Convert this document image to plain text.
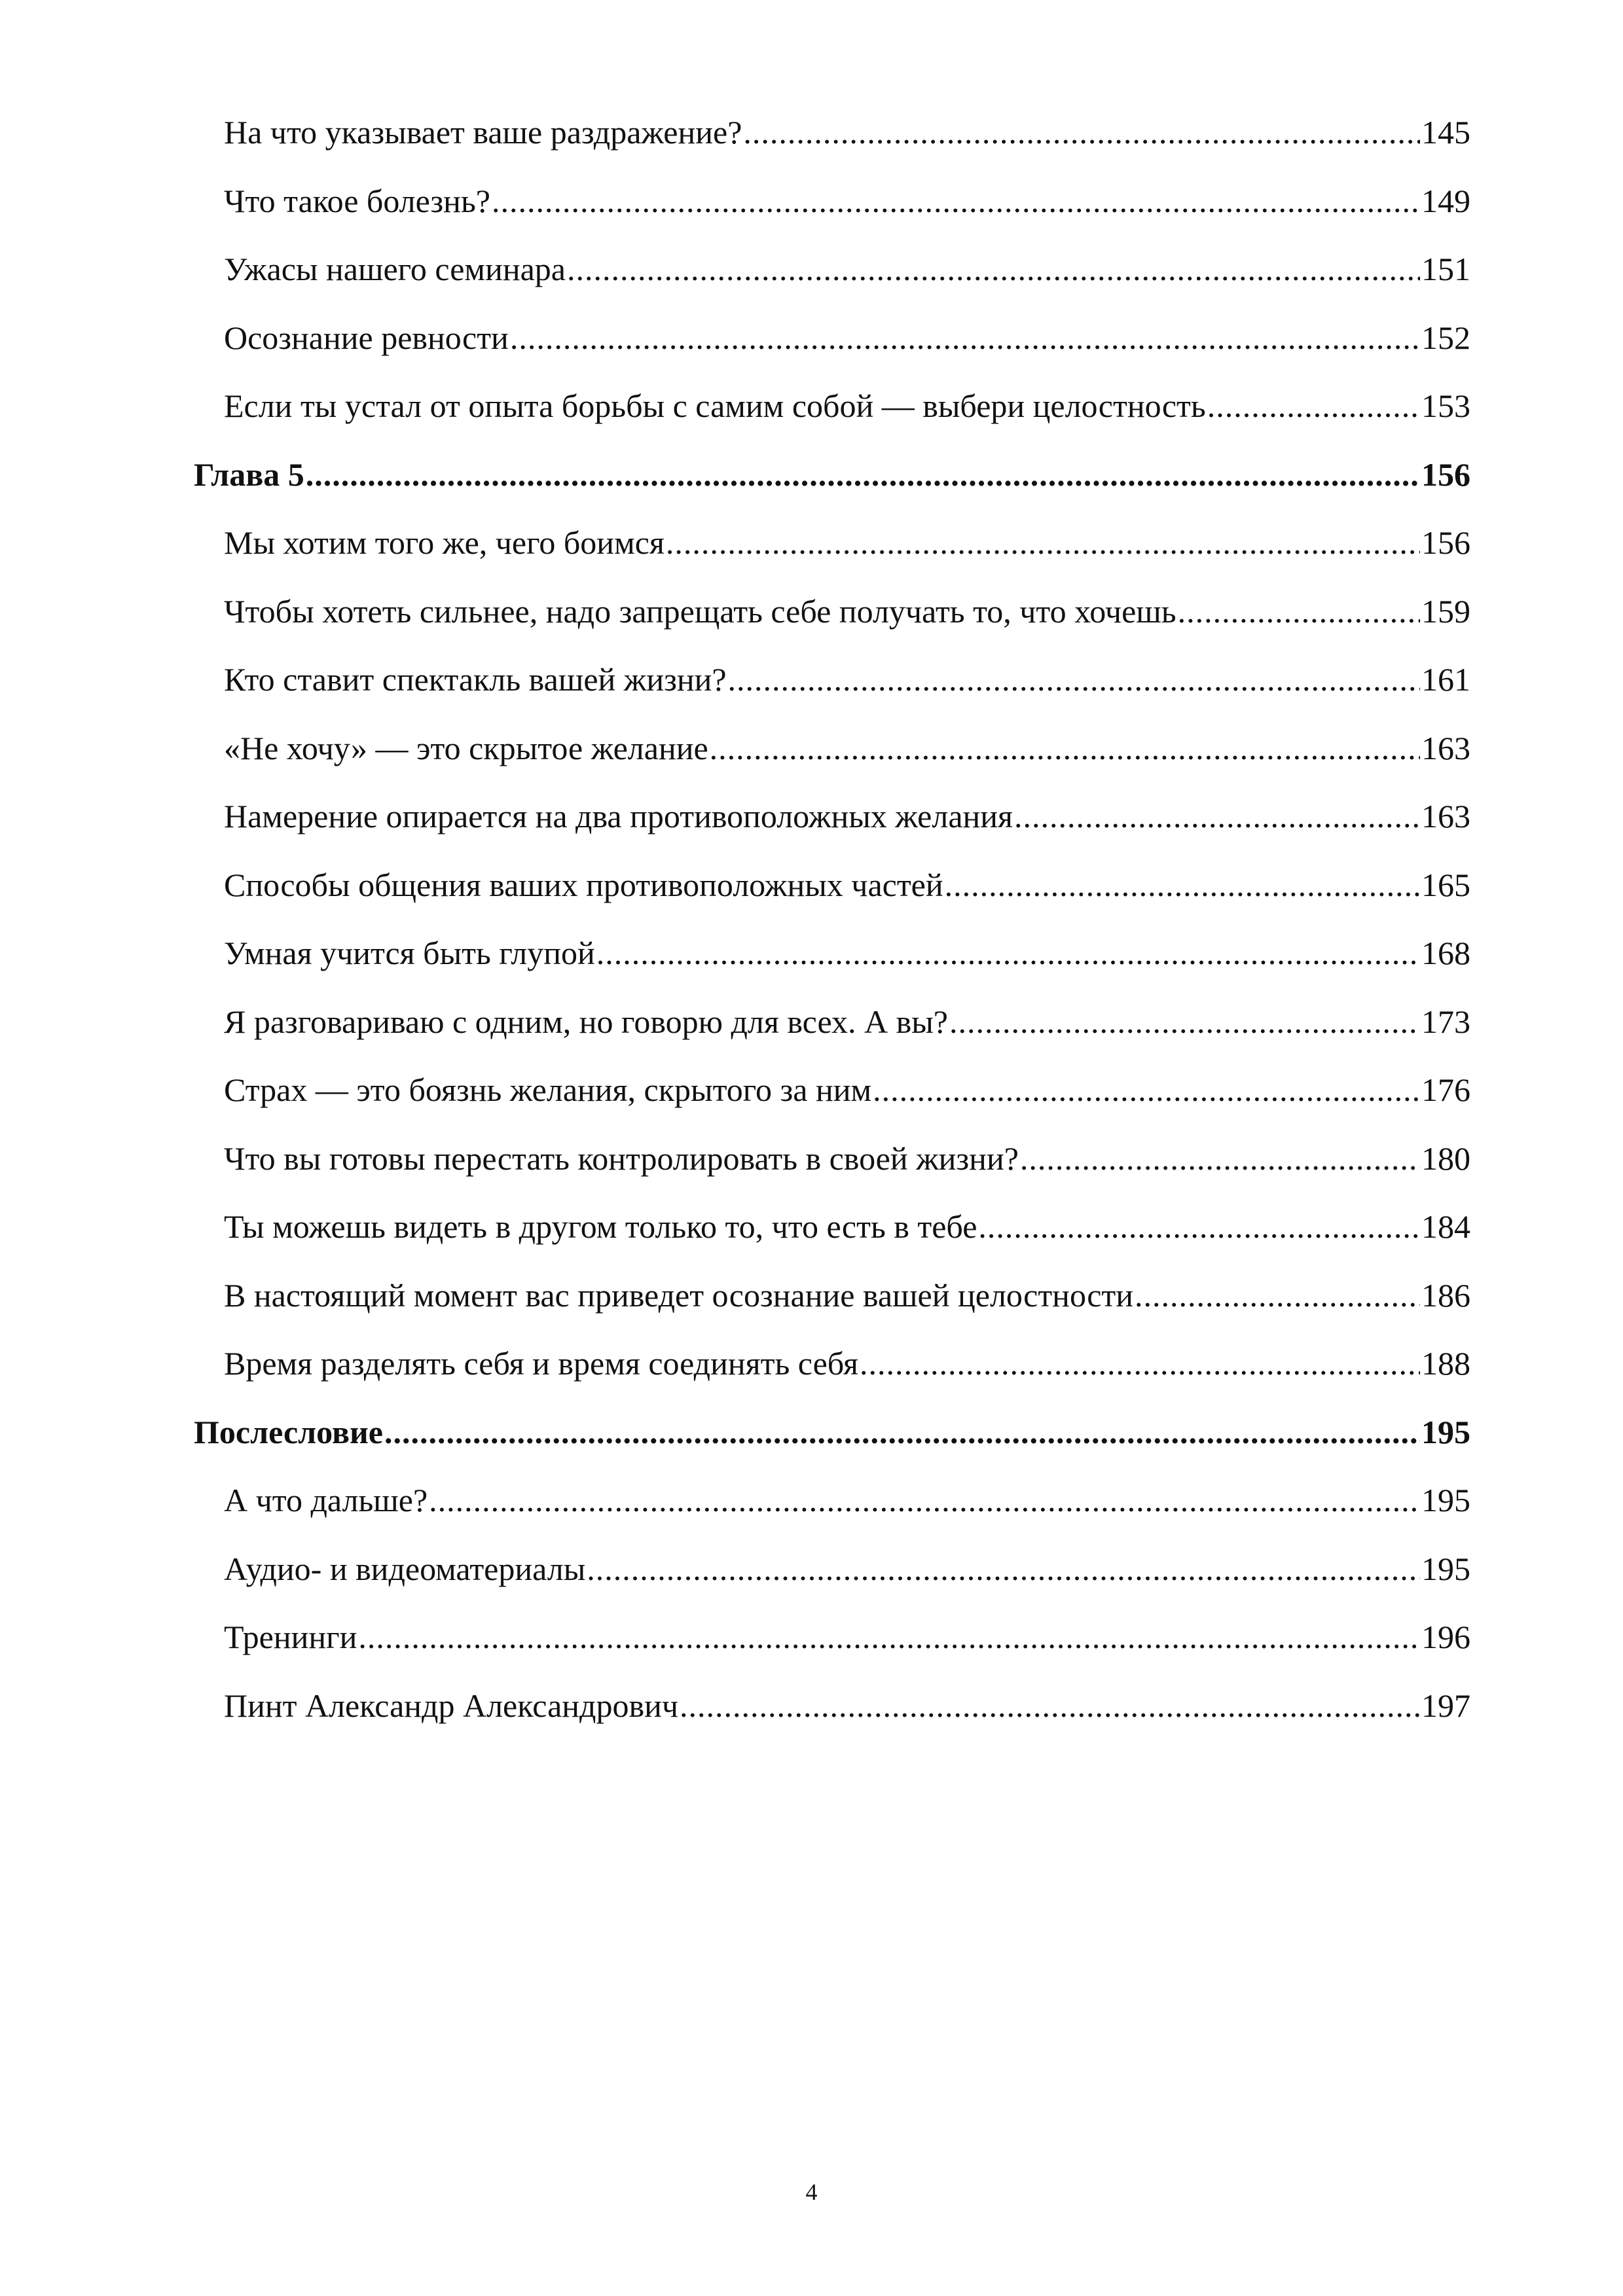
На что указывает ваше раздражение? .....	145
Что такое болезнь? .....	149
Ужасы нашего семинара .....	151
Осознание ревности .....	152
Если ты устал от опыта борьбы с самим собой — выбери целостность .....	153
Глава 5 .....	156
Мы хотим того же, чего боимся .....	156
Чтобы хотеть сильнее, надо запрещать себе получать то, что хочешь .....	159
Кто ставит спектакль вашей жизни? .....	161
«Не хочу» — это скрытое желание .....	163
Намерение опирается на два противоположных желания .....	163
Способы общения ваших противоположных частей .....	165
Умная учится быть глупой .....	168
Я разговариваю с одним, но говорю для всех. А вы? .....	173
Страх — это боязнь желания, скрытого за ним .....	176
Что вы готовы перестать контролировать в своей жизни? .....	180
Ты можешь видеть в другом только то, что есть в тебе .....	184
В настоящий момент вас приведет осознание вашей целостности .....	186
Время разделять себя и время соединять себя .....	188
Послесловие .....	195
А что дальше? .....	195
Аудио- и видеоматериалы .....	195
Тренинги .....	196
Пинт Александр Александрович .....	197
4
